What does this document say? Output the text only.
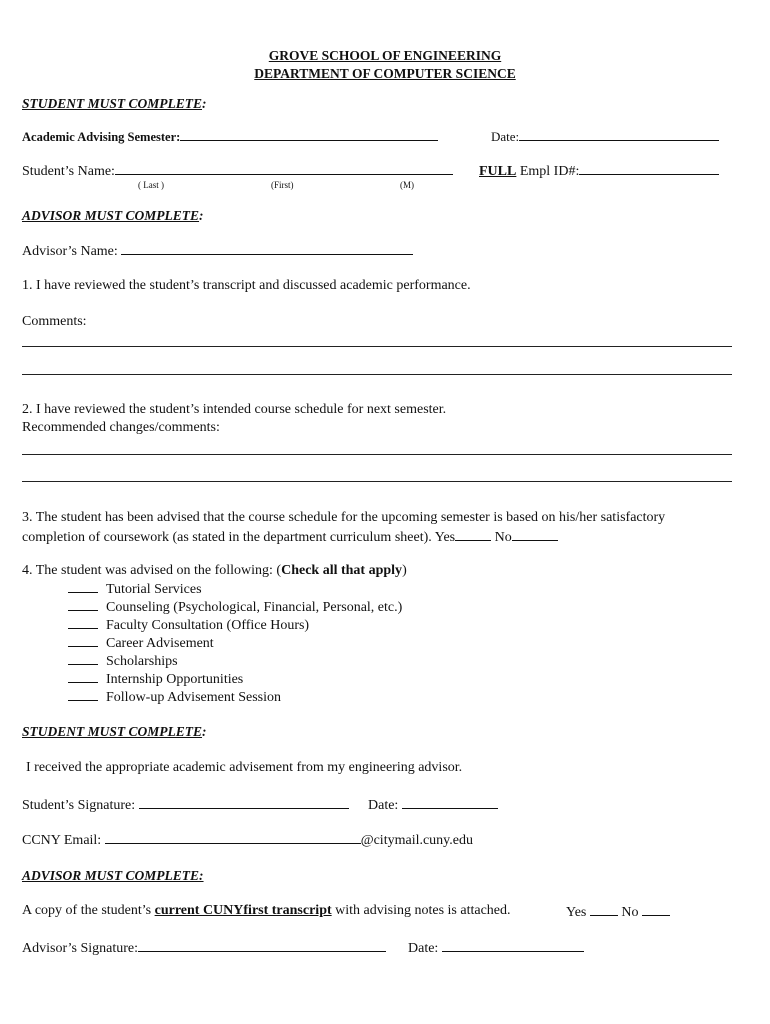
GROVE SCHOOL OF ENGINEERING
DEPARTMENT OF COMPUTER SCIENCE
STUDENT MUST COMPLETE:
Academic Advising Semester:	Date:
Student’s Name:	FULL Empl ID#:
( Last )	(First)	(M)
ADVISOR MUST COMPLETE:
Advisor’s Name:
1. I have reviewed the student’s transcript and discussed academic performance.
Comments:
2. I have reviewed the student’s intended course schedule for next semester.
Recommended changes/comments:
3. The student has been advised that the course schedule for the upcoming semester is based on his/her satisfactory
completion of coursework (as stated in the department curriculum sheet). Yes	No
4. The student was advised on the following: (Check all that apply)
Tutorial Services
Counseling (Psychological, Financial, Personal, etc.)
Faculty Consultation (Office Hours)
Career Advisement
Scholarships
Internship Opportunities
Follow-up Advisement Session
STUDENT MUST COMPLETE:
I received the appropriate academic advisement from my engineering advisor.
Student’s Signature:	Date:
CCNY Email:	@citymail.cuny.edu
ADVISOR MUST COMPLETE:
A copy of the student’s current CUNYfirst transcript with advising notes is attached.	Yes	No
Advisor’s Signature:	Date:
